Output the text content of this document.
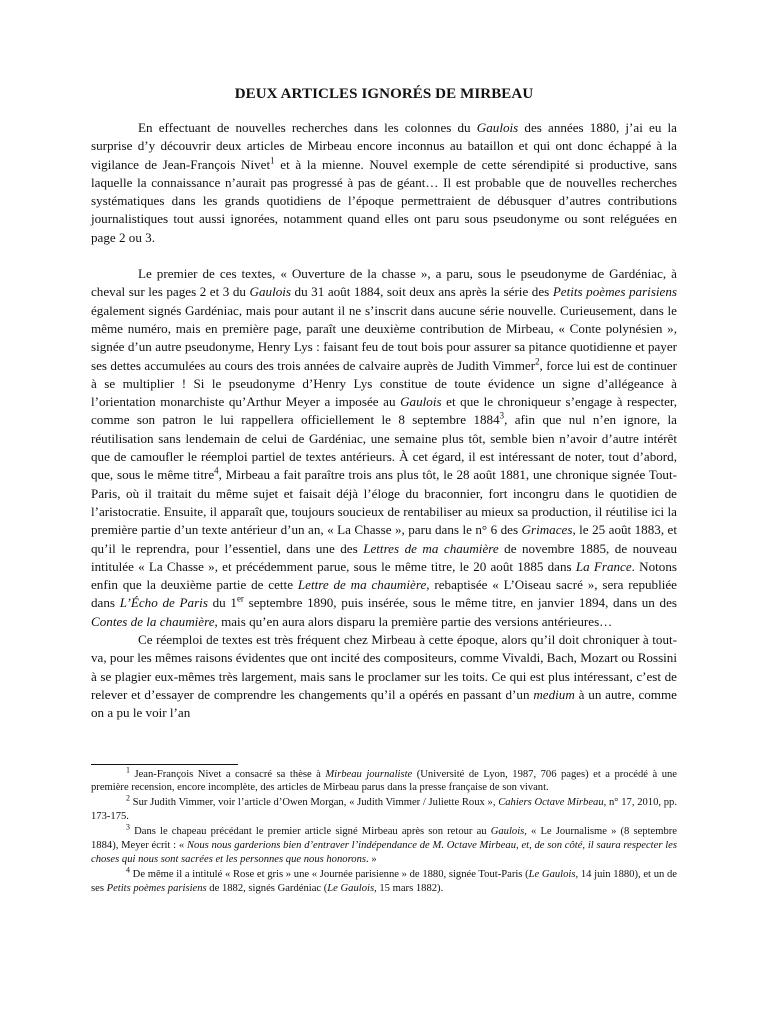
DEUX ARTICLES IGNORÉS DE MIRBEAU

En effectuant de nouvelles recherches dans les colonnes du Gaulois des années 1880, j’ai eu la surprise d’y découvrir deux articles de Mirbeau encore inconnus au bataillon et qui ont donc échappé à la vigilance de Jean-François Nivet$^1$ et à la mienne. Nouvel exemple de cette sérendipité si productive, sans laquelle la connaissance n’aurait pas progressé à pas de géant… Il est probable que de nouvelles recherches systématiques dans les grands quotidiens de l’époque permettraient de débusquer d’autres contributions journalistiques tout aussi ignorées, notamment quand elles ont paru sous pseudonyme ou sont reléguées en page 2 ou 3.

Le premier de ces textes, « Ouverture de la chasse », a paru, sous le pseudonyme de Gardéniac, à cheval sur les pages 2 et 3 du Gaulois du 31 août 1884, soit deux ans après la série des Petits poèmes parisiens également signés Gardéniac, mais pour autant il ne s’inscrit dans aucune série nouvelle. Curieusement, dans le même numéro, mais en première page, paraît une deuxième contribution de Mirbeau, « Conte polynésien », signée d’un autre pseudonyme, Henry Lys : faisant feu de tout bois pour assurer sa pitance quotidienne et payer ses dettes accumulées au cours des trois années de calvaire auprès de Judith Vimmer$^2$, force lui est de continuer à se multiplier ! Si le pseudonyme d’Henry Lys constitue de toute évidence un signe d’allégeance à l’orientation monarchiste qu’Arthur Meyer a imposée au Gaulois et que le chroniqueur s’engage à respecter, comme son patron le lui rappellera officiellement le 8 septembre 1884$^3$, afin que nul n’en ignore, la réutilisation sans lendemain de celui de Gardéniac, une semaine plus tôt, semble bien n’avoir d’autre intérêt que de camoufler le réemploi partiel de textes antérieurs. À cet égard, il est intéressant de noter, tout d’abord, que, sous le même titre$^4$, Mirbeau a fait paraître trois ans plus tôt, le 28 août 1881, une chronique signée Tout-Paris, où il traitait du même sujet et faisait déjà l’éloge du braconnier, fort incongru dans le quotidien de l’aristocratie. Ensuite, il apparaît que, toujours soucieux de rentabiliser au mieux sa production, il réutilise ici la première partie d’un texte antérieur d’un an, « La Chasse », paru dans le n° 6 des Grimaces, le 25 août 1883, et qu’il le reprendra, pour l’essentiel, dans une des Lettres de ma chaumière de novembre 1885, de nouveau intitulée « La Chasse », et précédemment parue, sous le même titre, le 20 août 1885 dans La France. Notons enfin que la deuxième partie de cette Lettre de ma chaumière, rebaptisée « L’Oiseau sacré », sera republiée dans L’Écho de Paris du 1er septembre 1890, puis insérée, sous le même titre, en janvier 1894, dans un des Contes de la chaumière, mais qu’en aura alors disparu la première partie des versions antérieures…

Ce réemploi de textes est très fréquent chez Mirbeau à cette époque, alors qu’il doit chroniquer à tout-va, pour les mêmes raisons évidentes que ont incité des compositeurs, comme Vivaldi, Bach, Mozart ou Rossini à se plagier eux-mêmes très largement, mais sans le proclamer sur les toits. Ce qui est plus intéressant, c’est de relever et d’essayer de comprendre les changements qu’il a opérés en passant d’un medium à un autre, comme on a pu le voir l’an

$^1$ Jean-François Nivet a consacré sa thèse à Mirbeau journaliste (Université de Lyon, 1987, 706 pages) et a procédé à une première recension, encore incomplète, des articles de Mirbeau parus dans la presse française de son vivant.

$^2$ Sur Judith Vimmer, voir l’article d’Owen Morgan, « Judith Vimmer / Juliette Roux », Cahiers Octave Mirbeau, n° 17, 2010, pp. 173-175.

$^3$ Dans le chapeau précédant le premier article signé Mirbeau après son retour au Gaulois, « Le Journalisme » (8 septembre 1884), Meyer écrit : « Nous nous garderions bien d’entraver l’indépendance de M. Octave Mirbeau, et, de son côté, il saura respecter les choses qui nous sont sacrées et les personnes que nous honorons. »

$^4$ De même il a intitulé « Rose et gris » une « Journée parisienne » de 1880, signée Tout-Paris (Le Gaulois, 14 juin 1880), et un de ses Petits poèmes parisiens de 1882, signés Gardéniac (Le Gaulois, 15 mars 1882).
